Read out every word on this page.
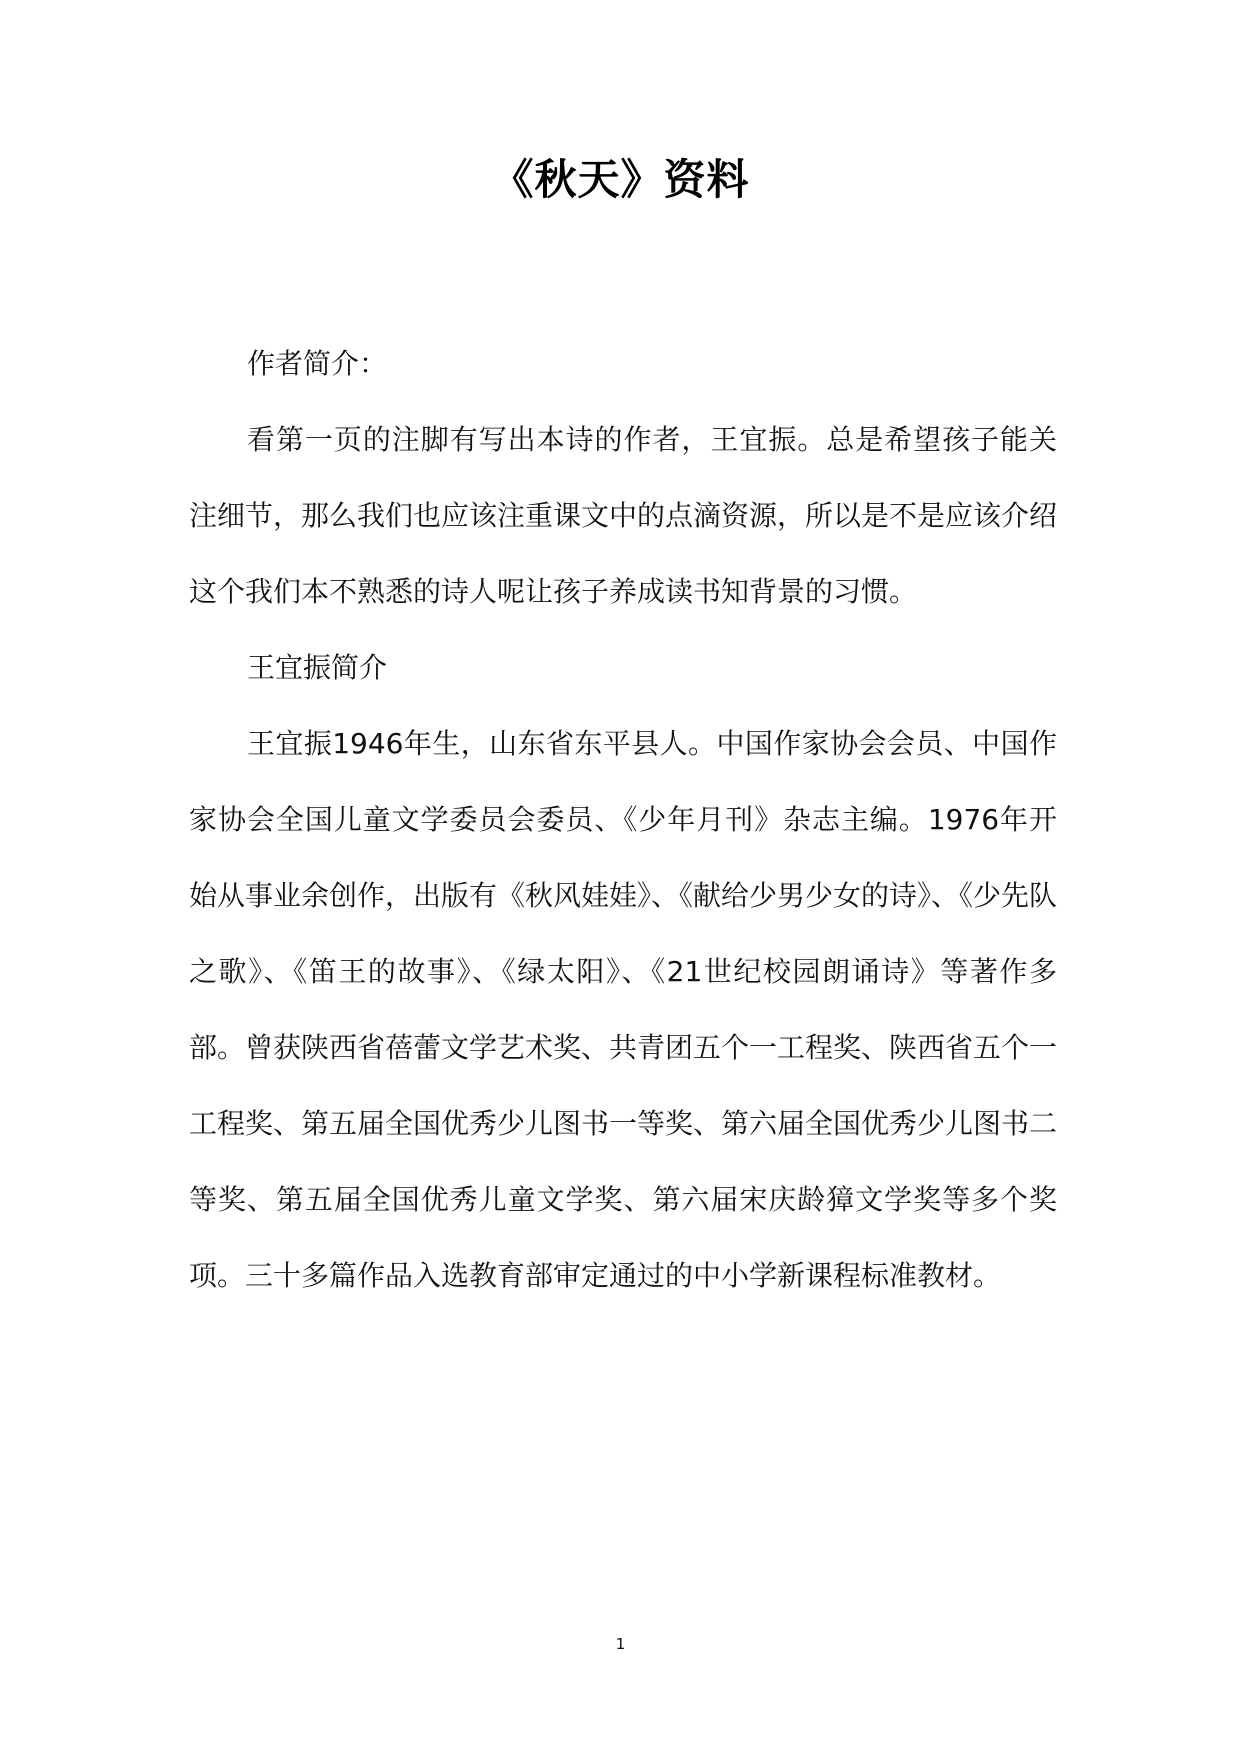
《秋天》资料

作者简介：

看第一页的注脚有写出本诗的作者，王宜振。总是希望孩子能关注细节，那么我们也应该注重课文中的点滴资源，所以是不是应该介绍这个我们本不熟悉的诗人呢让孩子养成读书知背景的习惯。

王宜振简介

王宜振1946年生，山东省东平县人。中国作家协会会员、中国作家协会全国儿童文学委员会委员、《少年月刊》杂志主编。1976年开始从事业余创作，出版有《秋风娃娃》、《献给少男少女的诗》、《少先队之歌》、《笛王的故事》、《绿太阳》、《21世纪校园朗诵诗》等著作多部。曾获陕西省蓓蕾文学艺术奖、共青团五个一工程奖、陕西省五个一工程奖、第五届全国优秀少儿图书一等奖、第六届全国优秀少儿图书二等奖、第五届全国优秀儿童文学奖、第六届宋庆龄獐文学奖等多个奖项。三十多篇作品入选教育部审定通过的中小学新课程标准教材。

1
